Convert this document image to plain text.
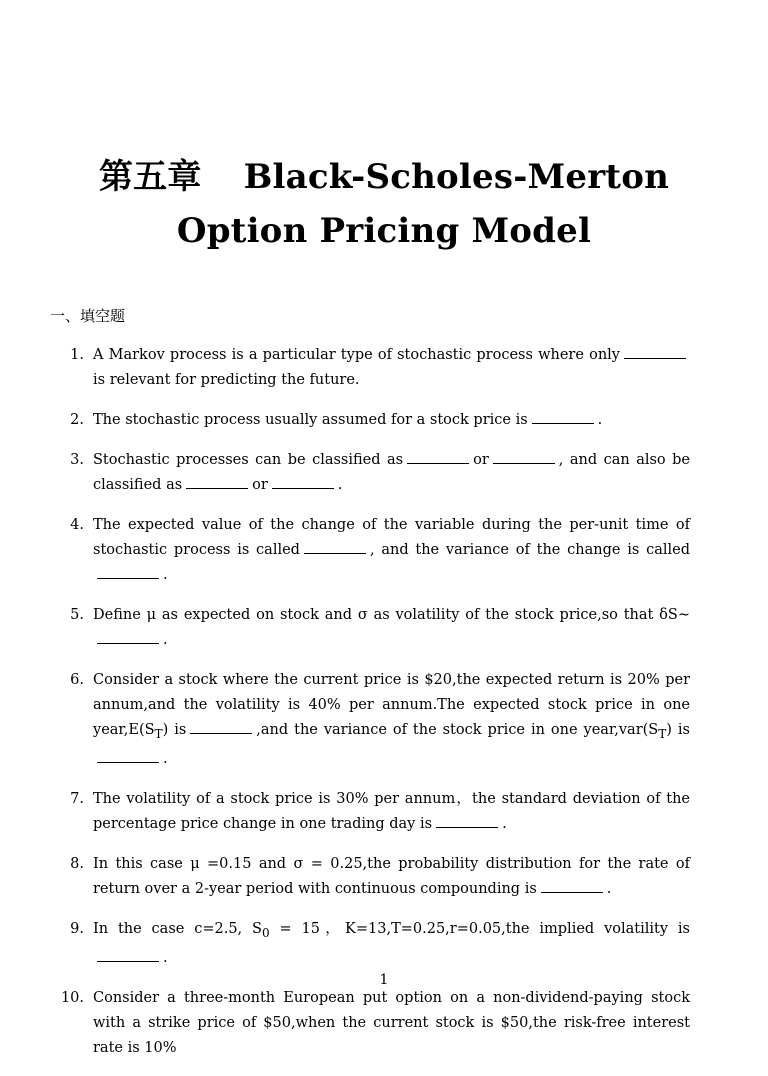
第五章 Black-Scholes-Merton
Option Pricing Model
一、填空题
1. A Markov process is a particular type of stochastic process where onlyis relevant for predicting the future.
2. The stochastic process usually assumed for a stock price is	.
3. Stochastic processes can be classified as	or	, and can also be classified as	or	.
4. The expected value of the change of the variable during the per-unit time of stochastic process is called	, and the variance of the change is called.
5. Define μ as expected on stock and σ as volatility of the stock price,so that δS∼.
6. Consider a stock where the current price is $20,the expected return is 20% per annum,and the volatility is 40% per annum.The expected stock price in one $year,E(S_T)$ is	,and the variance of the stock price in one $year,var(S_T)$ is.
7. The volatility of a stock price is 30% per annum，the standard deviation of the percentage price change in one trading day is	.
8. In this case μ =0.15 and σ = 0.25,the probability distribution for the rate of return over a 2-year period with continuous compounding is	.
9. In the case c=2.5, $S_0 = 15$，K=13,T=0.25,r=0.05,the implied volatility is.
10. Consider a three-month European put option on a non-dividend-paying stock with a strike price of $50,when the current stock is $50,the risk-free interest rate is 10%
1
